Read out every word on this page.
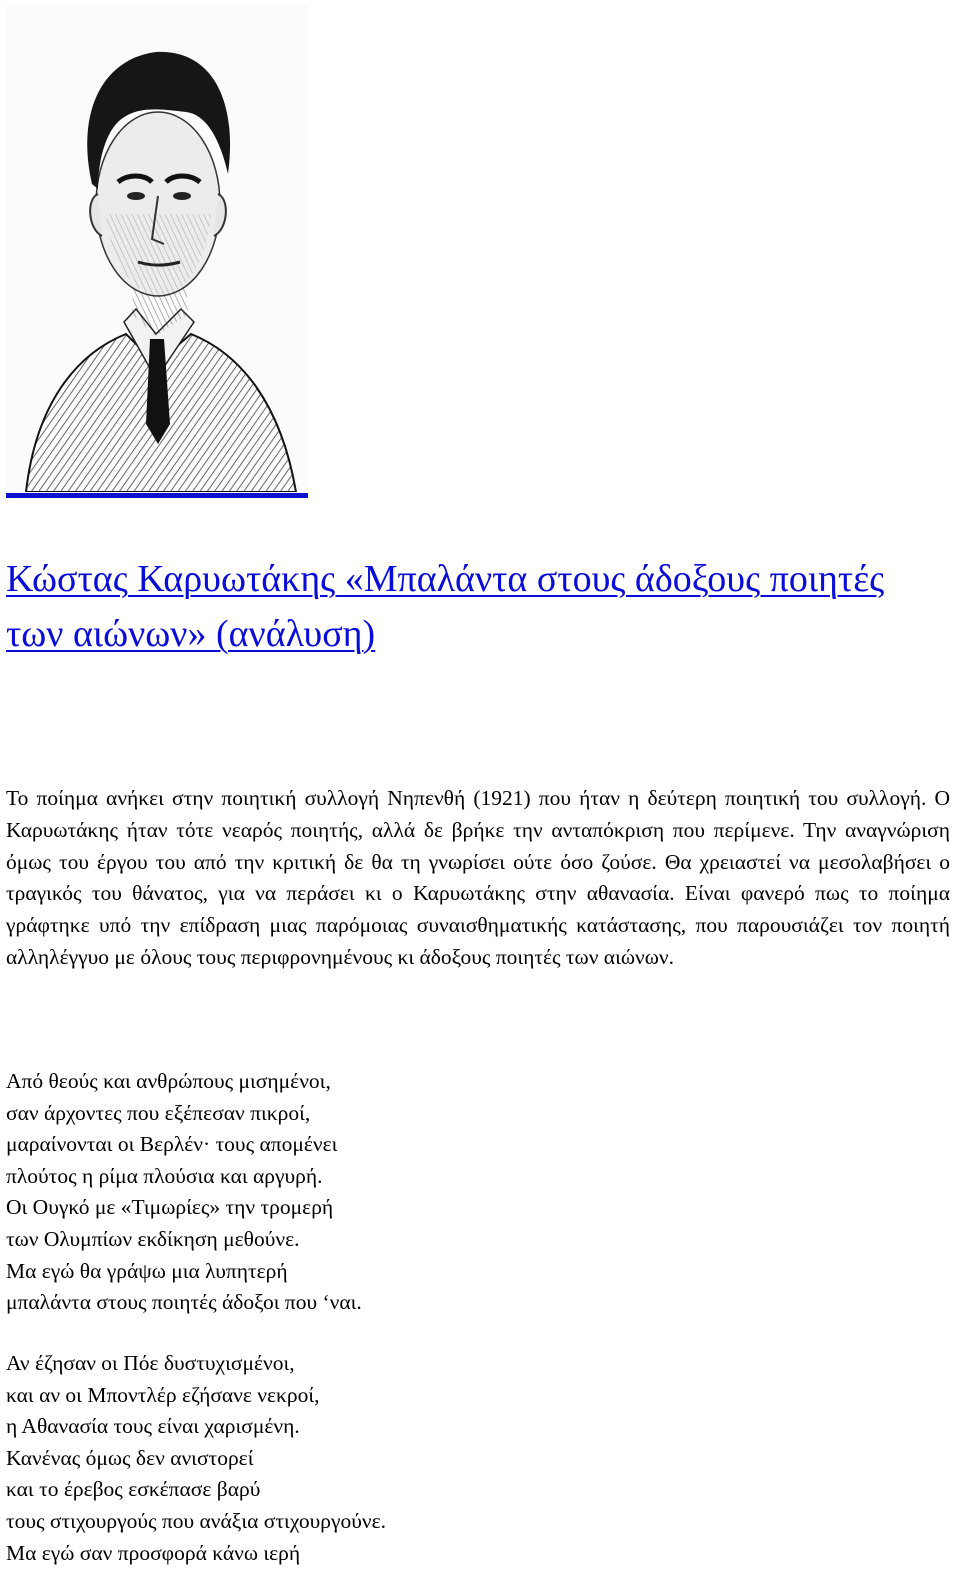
Κώστας Καρυωτάκης «Μπαλάντα στους άδοξους ποιητές των αιώνων» (ανάλυση)

Το ποίημα ανήκει στην ποιητική συλλογή Νηπενθή (1921) που ήταν η δεύτερη ποιητική του συλλογή. Ο Καρυωτάκης ήταν τότε νεαρός ποιητής, αλλά δε βρήκε την ανταπόκριση που περίμενε. Την αναγνώριση όμως του έργου του από την κριτική δε θα τη γνωρίσει ούτε όσο ζούσε. Θα χρειαστεί να μεσολαβήσει ο τραγικός του θάνατος, για να περάσει κι ο Καρυωτάκης στην αθανασία. Είναι φανερό πως το ποίημα γράφτηκε υπό την επίδραση μιας παρόμοιας συναισθηματικής κατάστασης, που παρουσιάζει τον ποιητή αλληλέγγυο με όλους τους περιφρονημένους κι άδοξους ποιητές των αιώνων.

Από θεούς και ανθρώπους μισημένοι,
σαν άρχοντες που εξέπεσαν πικροί,
μαραίνονται οι Βερλέν· τους απομένει
πλούτος η ρίμα πλούσια και αργυρή.
Οι Ουγκό με «Τιμωρίες» την τρομερή
των Ολυμπίων εκδίκηση μεθούνε.
Μα εγώ θα γράψω μια λυπητερή
μπαλάντα στους ποιητές άδοξοι που ‘ναι.
Αν έζησαν οι Πόε δυστυχισμένοι,
και αν οι Μποντλέρ εζήσανε νεκροί,
η Αθανασία τους είναι χαρισμένη.
Κανένας όμως δεν ανιστορεί
και το έρεβος εσκέπασε βαρύ
τους στιχουργούς που ανάξια στιχουργούνε.
Μα εγώ σαν προσφορά κάνω ιερή
